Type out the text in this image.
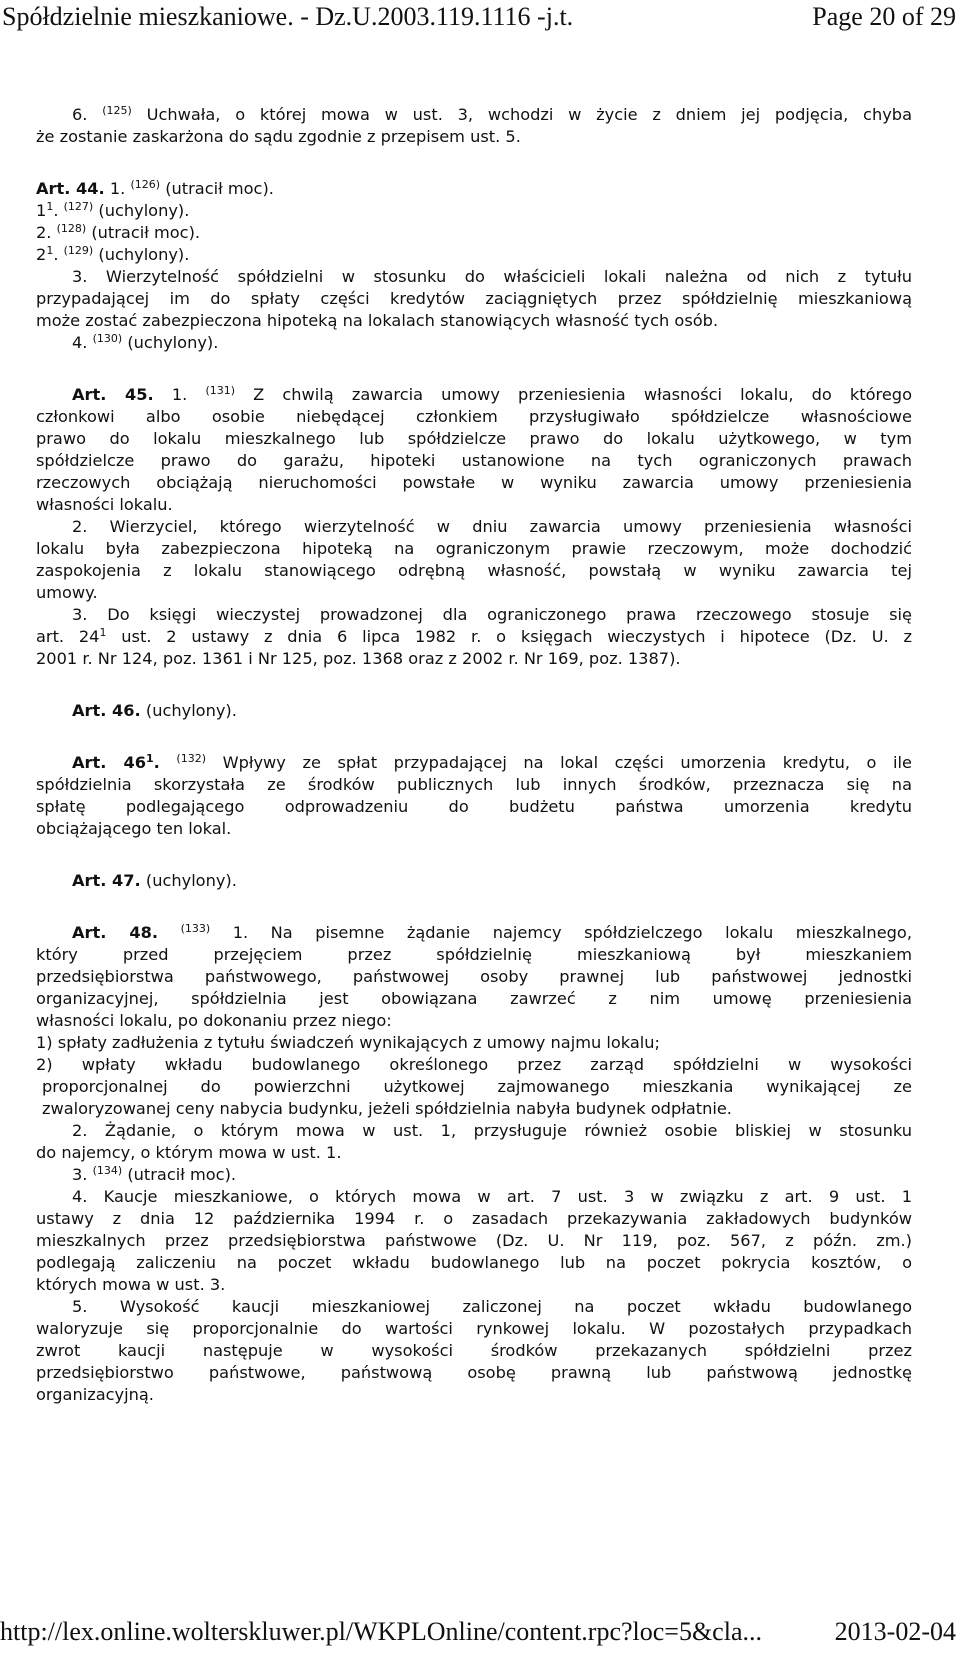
Spółdzielnie mieszkaniowe. - Dz.U.2003.119.1116 -j.t.	Page 20 of 29
6. $^{(125)}$ Uchwała, o której mowa w ust. 3, wchodzi w życie z dniem jej podjęcia, chyba
że zostanie zaskarżona do sądu zgodnie z przepisem ust. 5.
Art. 44. 1. $^{(126)}$ (utracił moc).
$1^1$. $^{(127)}$ (uchylony).
2. $^{(128)}$ (utracił moc).
$2^1$. $^{(129)}$ (uchylony).
3. Wierzytelność spółdzielni w stosunku do właścicieli lokali należna od nich z tytułu
przypadającej im do spłaty części kredytów zaciągniętych przez spółdzielnię mieszkaniową
może zostać zabezpieczona hipoteką na lokalach stanowiących własność tych osób.
4. $^{(130)}$ (uchylony).
Art. 45. 1. $^{(131)}$ Z chwilą zawarcia umowy przeniesienia własności lokalu, do którego
członkowi albo osobie niebędącej członkiem przysługiwało spółdzielcze własnościowe
prawo do lokalu mieszkalnego lub spółdzielcze prawo do lokalu użytkowego, w tym
spółdzielcze prawo do garażu, hipoteki ustanowione na tych ograniczonych prawach
rzeczowych obciążają nieruchomości powstałe w wyniku zawarcia umowy przeniesienia
własności lokalu.
2. Wierzyciel, którego wierzytelność w dniu zawarcia umowy przeniesienia własności
lokalu była zabezpieczona hipoteką na ograniczonym prawie rzeczowym, może dochodzić
zaspokojenia z lokalu stanowiącego odrębną własność, powstałą w wyniku zawarcia tej
umowy.
3. Do księgi wieczystej prowadzonej dla ograniczonego prawa rzeczowego stosuje się
art. $24^1$ ust. 2 ustawy z dnia 6 lipca 1982 r. o księgach wieczystych i hipotece (Dz. U. z
2001 r. Nr 124, poz. 1361 i Nr 125, poz. 1368 oraz z 2002 r. Nr 169, poz. 1387).
Art. 46. (uchylony).
Art. $46^1$. $^{(132)}$ Wpływy ze spłat przypadającej na lokal części umorzenia kredytu, o ile
spółdzielnia skorzystała ze środków publicznych lub innych środków, przeznacza się na
spłatę podlegającego odprowadzeniu do budżetu państwa umorzenia kredytu
obciążającego ten lokal.
Art. 47. (uchylony).
Art. 48. $^{(133)}$ 1. Na pisemne żądanie najemcy spółdzielczego lokalu mieszkalnego,
który przed przejęciem przez spółdzielnię mieszkaniową był mieszkaniem
przedsiębiorstwa państwowego, państwowej osoby prawnej lub państwowej jednostki
organizacyjnej, spółdzielnia jest obowiązana zawrzeć z nim umowę przeniesienia
własności lokalu, po dokonaniu przez niego:
1) spłaty zadłużenia z tytułu świadczeń wynikających z umowy najmu lokalu;
2) wpłaty wkładu budowlanego określonego przez zarząd spółdzielni w wysokości
proporcjonalnej do powierzchni użytkowej zajmowanego mieszkania wynikającej ze
zwaloryzowanej ceny nabycia budynku, jeżeli spółdzielnia nabyła budynek odpłatnie.
2. Żądanie, o którym mowa w ust. 1, przysługuje również osobie bliskiej w stosunku
do najemcy, o którym mowa w ust. 1.
3. $^{(134)}$ (utracił moc).
4. Kaucje mieszkaniowe, o których mowa w art. 7 ust. 3 w związku z art. 9 ust. 1
ustawy z dnia 12 października 1994 r. o zasadach przekazywania zakładowych budynków
mieszkalnych przez przedsiębiorstwa państwowe (Dz. U. Nr 119, poz. 567, z późn. zm.)
podlegają zaliczeniu na poczet wkładu budowlanego lub na poczet pokrycia kosztów, o
których mowa w ust. 3.
5. Wysokość kaucji mieszkaniowej zaliczonej na poczet wkładu budowlanego
waloryzuje się proporcjonalnie do wartości rynkowej lokalu. W pozostałych przypadkach
zwrot kaucji następuje w wysokości środków przekazanych spółdzielni przez
przedsiębiorstwo państwowe, państwową osobę prawną lub państwową jednostkę
organizacyjną.
http://lex.online.wolterskluwer.pl/WKPLOnline/content.rpc?loc=5&cla...	2013-02-04
